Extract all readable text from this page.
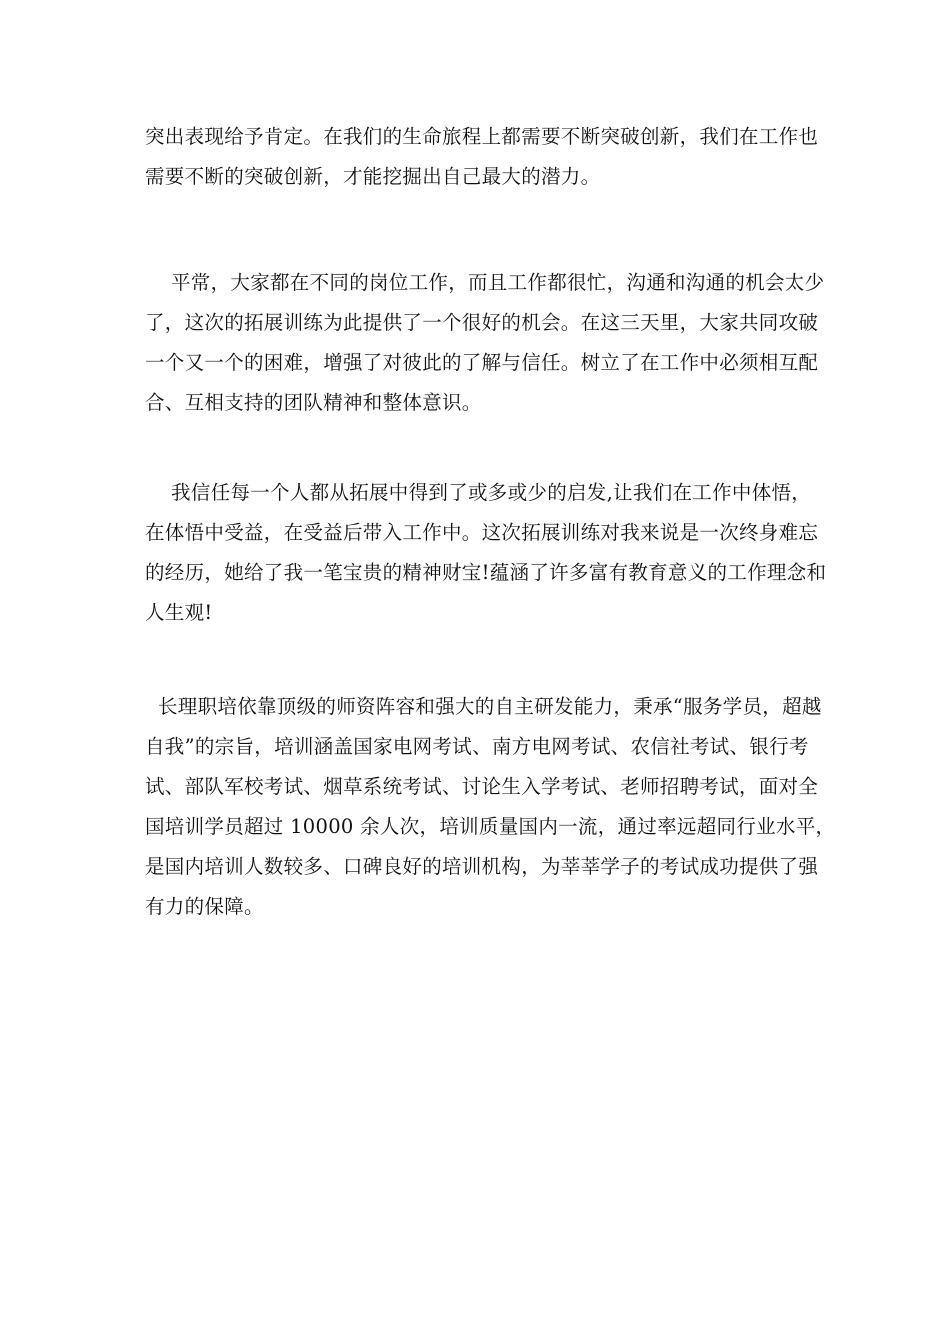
突出表现给予肯定。在我们的生命旅程上都需要不断突破创新，我们在工作也
需要不断的突破创新，才能挖掘出自己最大的潜力。

平常，大家都在不同的岗位工作，而且工作都很忙，沟通和沟通的机会太少
了，这次的拓展训练为此提供了一个很好的机会。在这三天里，大家共同攻破
一个又一个的困难，增强了对彼此的了解与信任。树立了在工作中必须相互配
合、互相支持的团队精神和整体意识。

我信任每一个人都从拓展中得到了或多或少的启发,让我们在工作中体悟，
在体悟中受益，在受益后带入工作中。这次拓展训练对我来说是一次终身难忘
的经历，她给了我一笔宝贵的精神财宝!蕴涵了许多富有教育意义的工作理念和
人生观!

长理职培依靠顶级的师资阵容和强大的自主研发能力，秉承“服务学员，超越
自我”的宗旨，培训涵盖国家电网考试、南方电网考试、农信社考试、银行考
试、部队军校考试、烟草系统考试、讨论生入学考试、老师招聘考试，面对全
国培训学员超过 10000 余人次，培训质量国内一流，通过率远超同行业水平，
是国内培训人数较多、口碑良好的培训机构，为莘莘学子的考试成功提供了强
有力的保障。
